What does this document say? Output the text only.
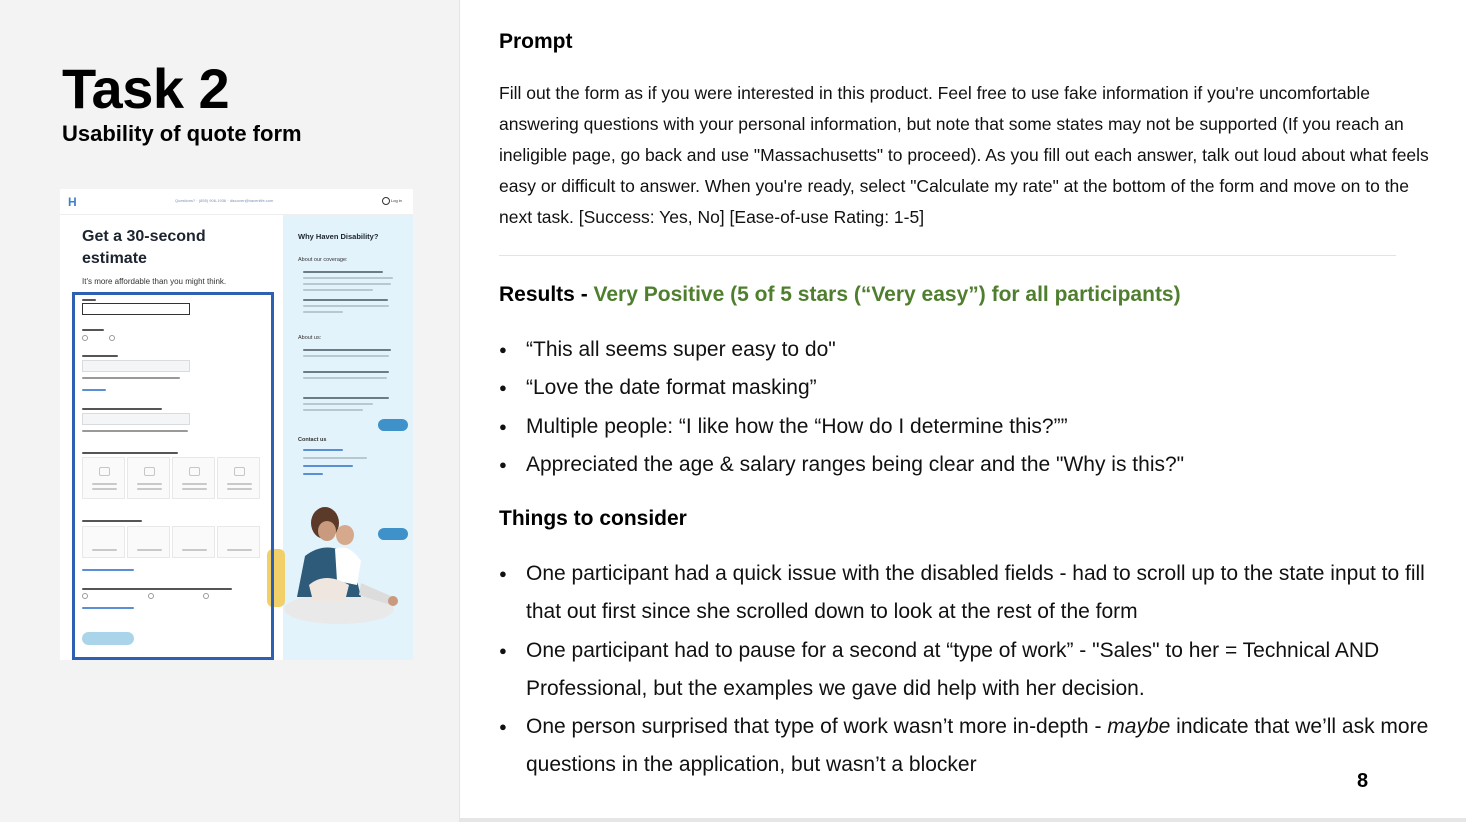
Task 2
Usability of quote form
H	Questions? · (855) 906-1936 · discover@havenlife.com	Log in
Get a 30-second estimate
It's more affordable than you might think.
Why Haven Disability?
About our coverage:
About us:
Contact us
Prompt
Fill out the form as if you were interested in this product. Feel free to use fake information if you're uncomfortable answering questions with your personal information, but note that some states may not be supported (If you reach an ineligible page, go back and use "Massachusetts" to proceed). As you fill out each answer, talk out loud about what feels easy or difficult to answer. When you're ready, select "Calculate my rate" at the bottom of the form and move on to the next task. [Success: Yes, No] [Ease-of-use Rating: 1-5]
Results - Very Positive (5 of 5 stars (“Very easy”) for all participants)
● “This all seems super easy to do"
● “Love the date format masking”
● Multiple people: “I like how the “How do I determine this?””
● Appreciated the age & salary ranges being clear and the "Why is this?"
Things to consider
● One participant had a quick issue with the disabled fields - had to scroll up to the state input to fill that out first since she scrolled down to look at the rest of the form
● One participant had to pause for a second at “type of work” - "Sales" to her = Technical AND Professional, but the examples we gave did help with her decision.
● One person surprised that type of work wasn’t more in-depth - maybe indicate that we’ll ask more questions in the application, but wasn’t a blocker
8
